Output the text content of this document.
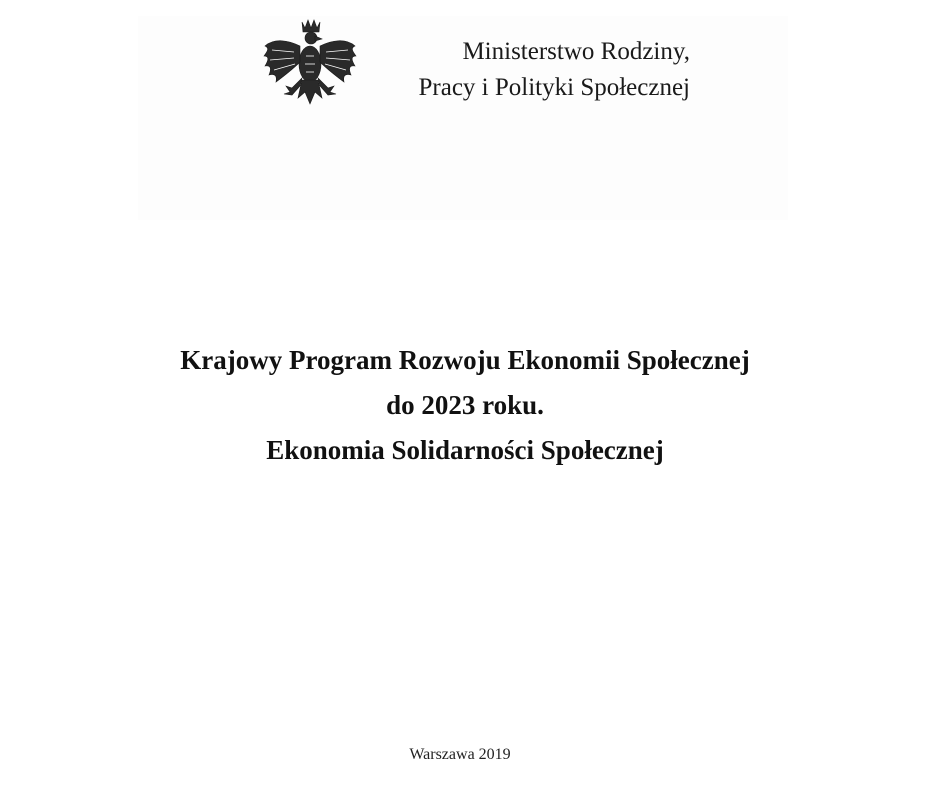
Ministerstwo Rodziny,
Pracy i Polityki Społecznej
Krajowy Program Rozwoju Ekonomii Społecznej
do 2023 roku.
Ekonomia Solidarności Społecznej
Warszawa 2019
